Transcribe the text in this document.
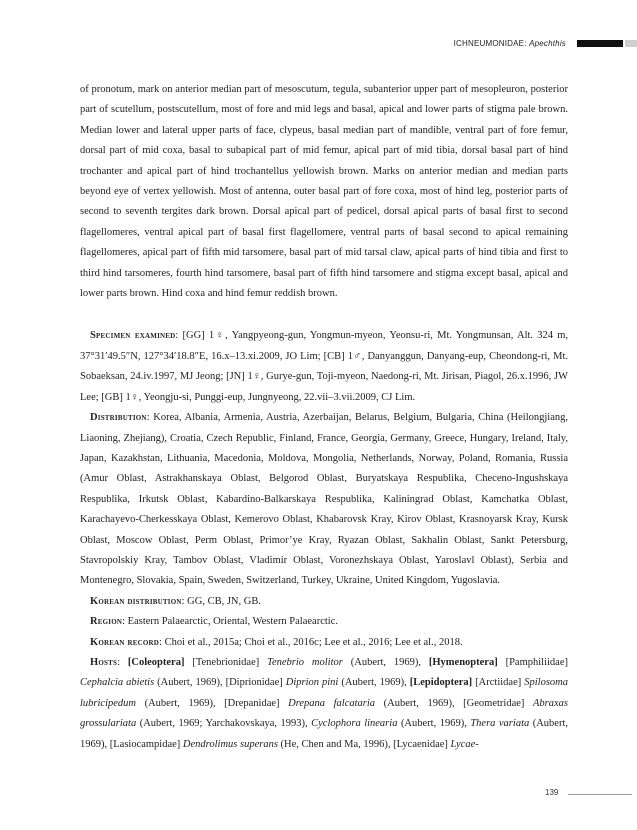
ICHNEUMONIDAE: Apechthis

of pronotum, mark on anterior median part of mesoscutum, tegula, subanterior upper part of mesopleuron, posterior part of scutellum, postscutellum, most of fore and mid legs and basal, apical and lower parts of stigma pale brown. Median lower and lateral upper parts of face, clypeus, basal median part of mandible, ventral part of fore femur, dorsal part of mid coxa, basal to subapical part of mid femur, apical part of mid tibia, dorsal basal part of hind trochanter and apical part of hind trochantellus yellowish brown. Marks on anterior median and median parts beyond eye of vertex yellowish. Most of antenna, outer basal part of fore coxa, most of hind leg, posterior parts of second to seventh tergites dark brown. Dorsal apical part of pedicel, dorsal apical parts of basal first to second flagellomeres, ventral apical part of basal first flagellomere, ventral parts of basal second to apical remaining flagellomeres, apical part of fifth mid tarsomere, basal part of mid tarsal claw, apical parts of hind tibia and first to third hind tarsomeres, fourth hind tarsomere, basal part of fifth hind tarsomere and stigma except basal, apical and lower parts brown. Hind coxa and hind femur reddish brown.

Specimen examined: [GG] 1♀, Yangpyeong-gun, Yongmun-myeon, Yeonsu-ri, Mt. Yongmunsan, Alt. 324 m, 37°31′49.5″N, 127°34′18.8″E, 16.x–13.xi.2009, JO Lim; [CB] 1♂, Danyanggun, Danyang-eup, Cheondong-ri, Mt. Sobaeksan, 24.iv.1997, MJ Jeong; [JN] 1♀, Gurye-gun, Toji-myeon, Naedong-ri, Mt. Jirisan, Piagol, 26.x.1996, JW Lee; [GB] 1♀, Yeongju-si, Punggi-eup, Jungnyeong, 22.vii–3.vii.2009, CJ Lim.

Distribution: Korea, Albania, Armenia, Austria, Azerbaijan, Belarus, Belgium, Bulgaria, China (Heilongjiang, Liaoning, Zhejiang), Croatia, Czech Republic, Finland, France, Georgia, Germany, Greece, Hungary, Ireland, Italy, Japan, Kazakhstan, Lithuania, Macedonia, Moldova, Mongolia, Netherlands, Norway, Poland, Romania, Russia (Amur Oblast, Astrakhanskaya Oblast, Belgorod Oblast, Buryatskaya Respublika, Checeno-Ingushskaya Respublika, Irkutsk Oblast, Kabardino-Balkarskaya Respublika, Kaliningrad Oblast, Kamchatka Oblast, Karachayevo-Cherkesskaya Oblast, Kemerovo Oblast, Khabarovsk Kray, Kirov Oblast, Krasnoyarsk Kray, Kursk Oblast, Moscow Oblast, Perm Oblast, Primor’ye Kray, Ryazan Oblast, Sakhalin Oblast, Sankt Petersburg, Stavropolskiy Kray, Tambov Oblast, Vladimir Oblast, Voronezhskaya Oblast, Yaroslavl Oblast), Serbia and Montenegro, Slovakia, Spain, Sweden, Switzerland, Turkey, Ukraine, United Kingdom, Yugoslavia.

Korean distribution: GG, CB, JN, GB.

Region: Eastern Palaearctic, Oriental, Western Palaearctic.

Korean record: Choi et al., 2015a; Choi et al., 2016c; Lee et al., 2016; Lee et al., 2018.

Hosts: [Coleoptera] [Tenebrionidae] Tenebrio molitor (Aubert, 1969), [Hymenoptera] [Pamphiliidae] Cephalcia abietis (Aubert, 1969), [Diprionidae] Diprion pini (Aubert, 1969), [Lepidoptera] [Arctiidae] Spilosoma lubricipedum (Aubert, 1969), [Drepanidae] Drepana falcataria (Aubert, 1969), [Geometridae] Abraxas grossulariata (Aubert, 1969; Yarchakovskaya, 1993), Cyclophora linearia (Aubert, 1969), Thera variata (Aubert, 1969), [Lasiocampidae] Dendrolimus superans (He, Chen and Ma, 1996), [Lycaenidae] Lycae-

139
